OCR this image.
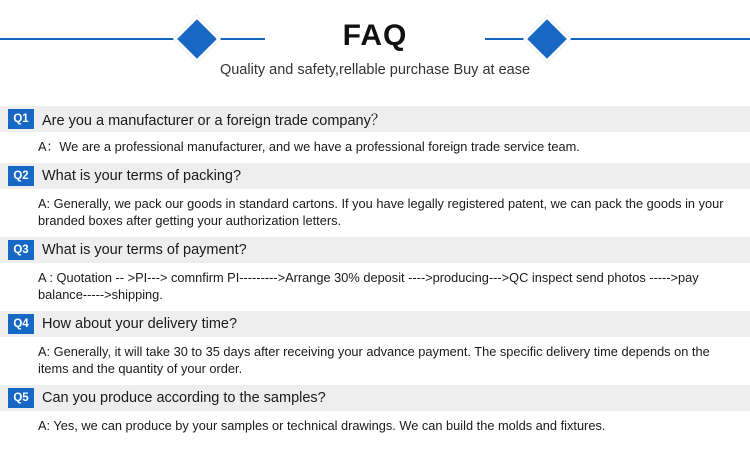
FAQ
Quality and safety,rellable purchase Buy at ease
Q1 Are you a manufacturer or a foreign trade company？
A：We are a professional manufacturer, and we have a professional foreign trade service team.
Q2 What is your terms of packing?
A: Generally, we pack our goods in standard cartons. If you have legally registered patent, we can pack the goods in your branded boxes after getting your authorization letters.
Q3 What is your terms of payment?
A : Quotation -- >PI---> comnfirm PI--------->Arrange 30% deposit ---->producing--->QC inspect send photos ----->pay balance----->shipping.
Q4 How about your delivery time?
A: Generally, it will take 30 to 35 days after receiving your advance payment. The specific delivery time depends on the items and the quantity of your order.
Q5 Can you produce according to the samples?
A: Yes, we can produce by your samples or technical drawings. We can build the molds and fixtures.
